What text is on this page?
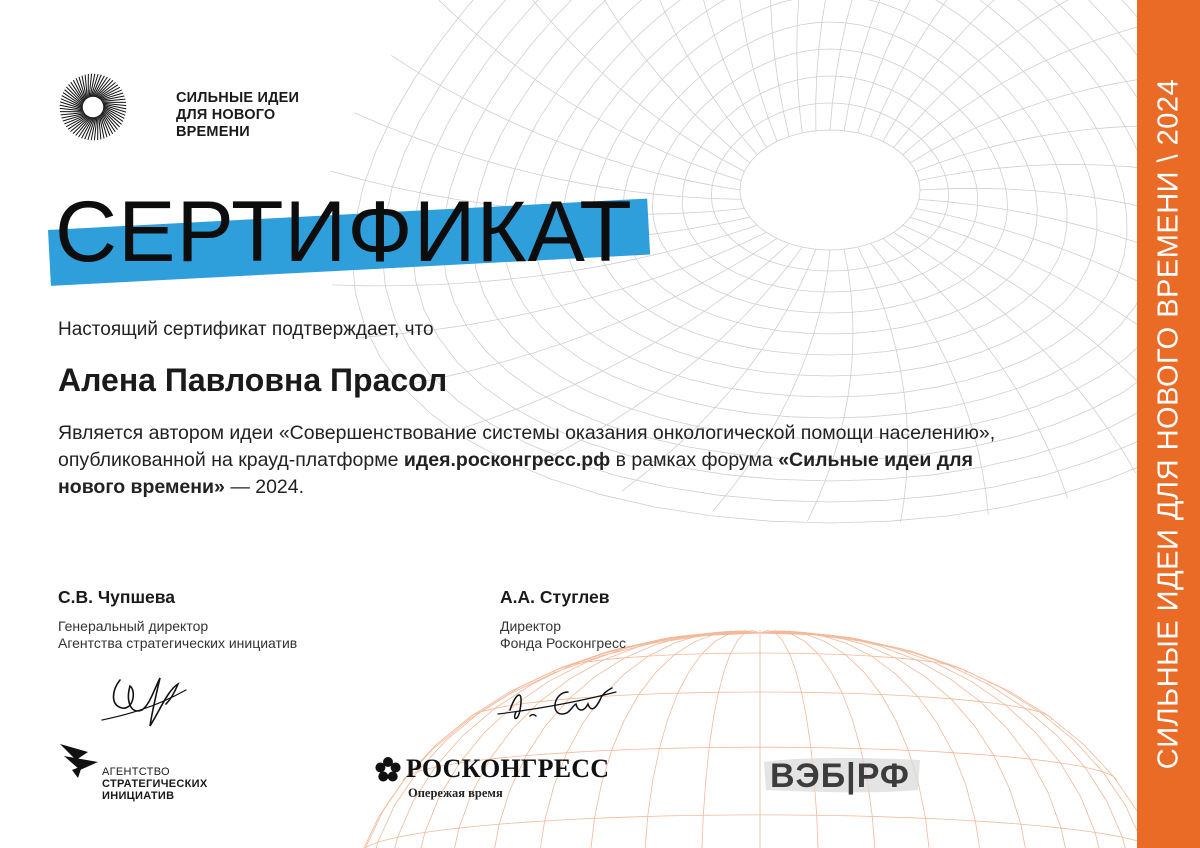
СИЛЬНЫЕ ИДЕИ ДЛЯ НОВОГО ВРЕМЕНИ \ 2024
СИЛЬНЫЕ ИДЕИ
ДЛЯ НОВОГО
ВРЕМЕНИ
СЕРТИФИКАТ
Настоящий сертификат подтверждает, что
Алена Павловна Прасол
Является автором идеи «Совершенствование системы оказания онкологической помощи населению», опубликованной на крауд-платформе идея.росконгресс.рф в рамках форума «Сильные идеи для нового времени» — 2024.
С.В. Чупшева
Генеральный директор
Агентства стратегических инициатив
А.А. Стуглев
Директор
Фонда Росконгресс
АГЕНТСТВО
СТРАТЕГИЧЕСКИХ
ИНИЦИАТИВ
РОСКОНГРЕСС
Опережая время	ВЭБ|РФ
